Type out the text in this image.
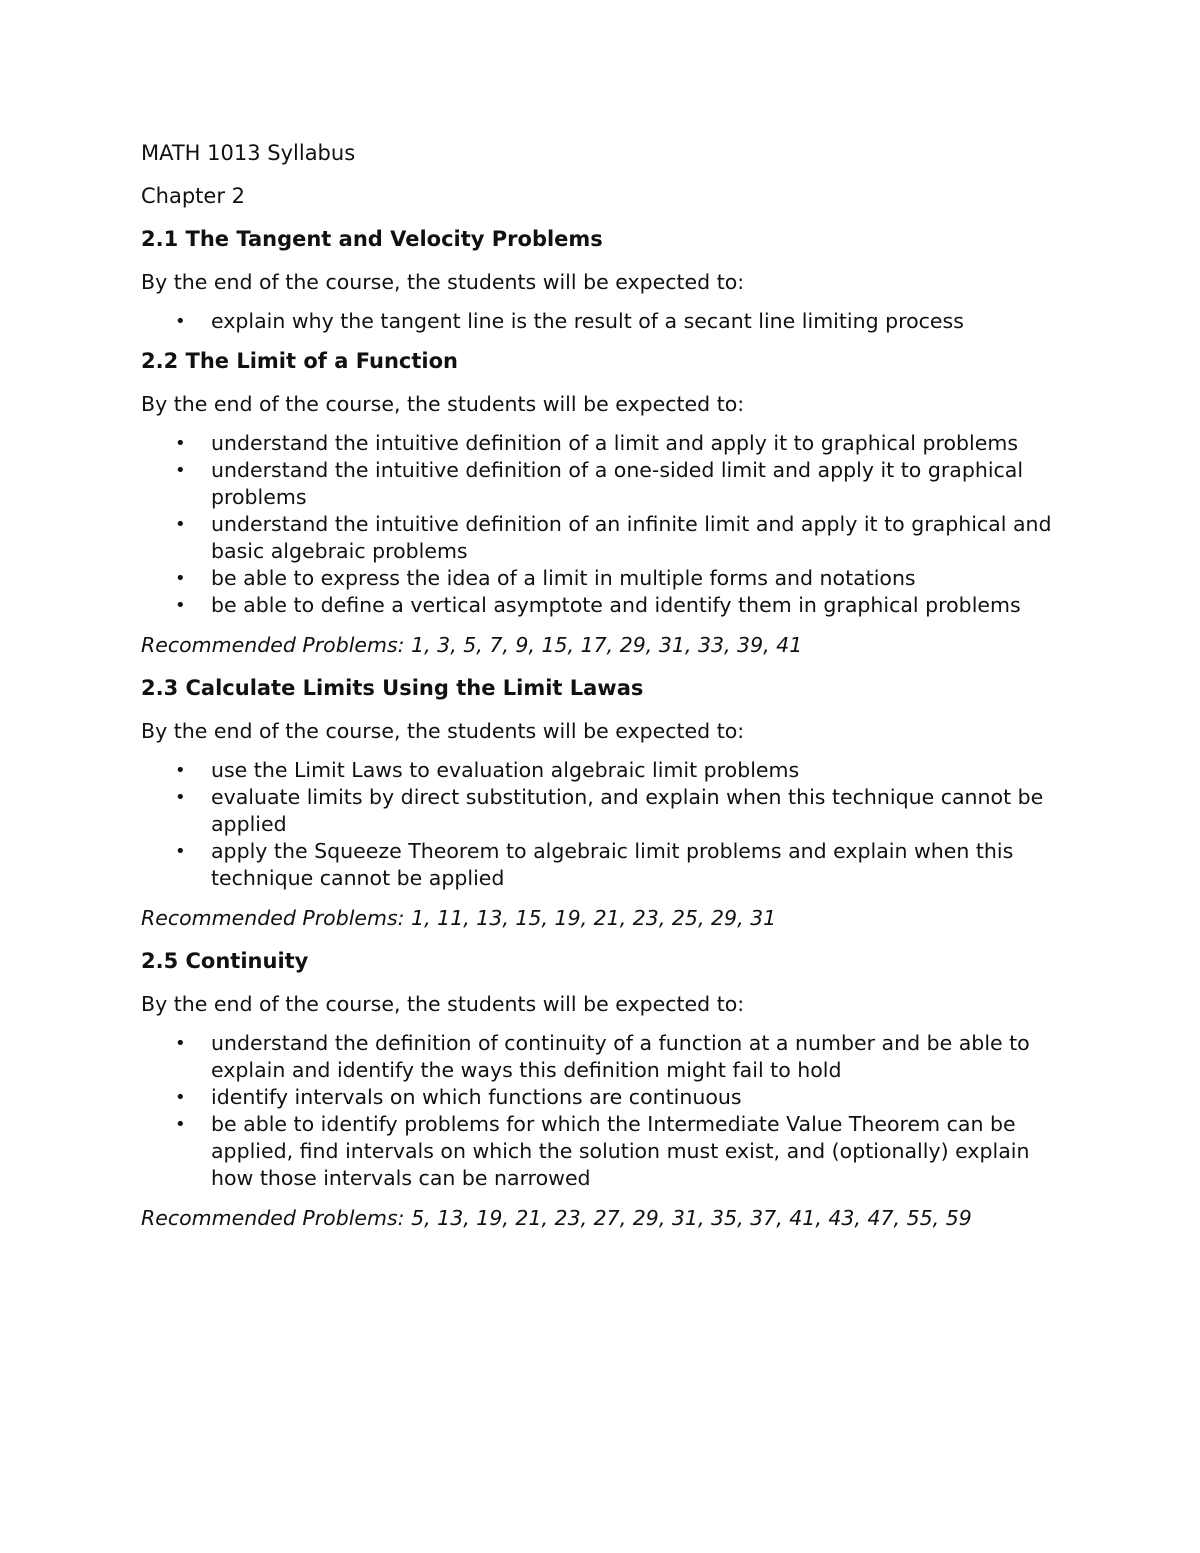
MATH 1013 Syllabus
Chapter 2
2.1 The Tangent and Velocity Problems
By the end of the course, the students will be expected to:
• explain why the tangent line is the result of a secant line limiting process
2.2 The Limit of a Function
By the end of the course, the students will be expected to:
• understand the intuitive definition of a limit and apply it to graphical problems
• understand the intuitive definition of a one-sided limit and apply it to graphical problems
• understand the intuitive definition of an infinite limit and apply it to graphical and basic algebraic problems
• be able to express the idea of a limit in multiple forms and notations
• be able to define a vertical asymptote and identify them in graphical problems
Recommended Problems: 1, 3, 5, 7, 9, 15, 17, 29, 31, 33, 39, 41
2.3 Calculate Limits Using the Limit Lawas
By the end of the course, the students will be expected to:
• use the Limit Laws to evaluation algebraic limit problems
• evaluate limits by direct substitution, and explain when this technique cannot be applied
• apply the Squeeze Theorem to algebraic limit problems and explain when this technique cannot be applied
Recommended Problems: 1, 11, 13, 15, 19, 21, 23, 25, 29, 31
2.5 Continuity
By the end of the course, the students will be expected to:
• understand the definition of continuity of a function at a number and be able to explain and identify the ways this definition might fail to hold
• identify intervals on which functions are continuous
• be able to identify problems for which the Intermediate Value Theorem can be applied, find intervals on which the solution must exist, and (optionally) explain how those intervals can be narrowed
Recommended Problems: 5, 13, 19, 21, 23, 27, 29, 31, 35, 37, 41, 43, 47, 55, 59
